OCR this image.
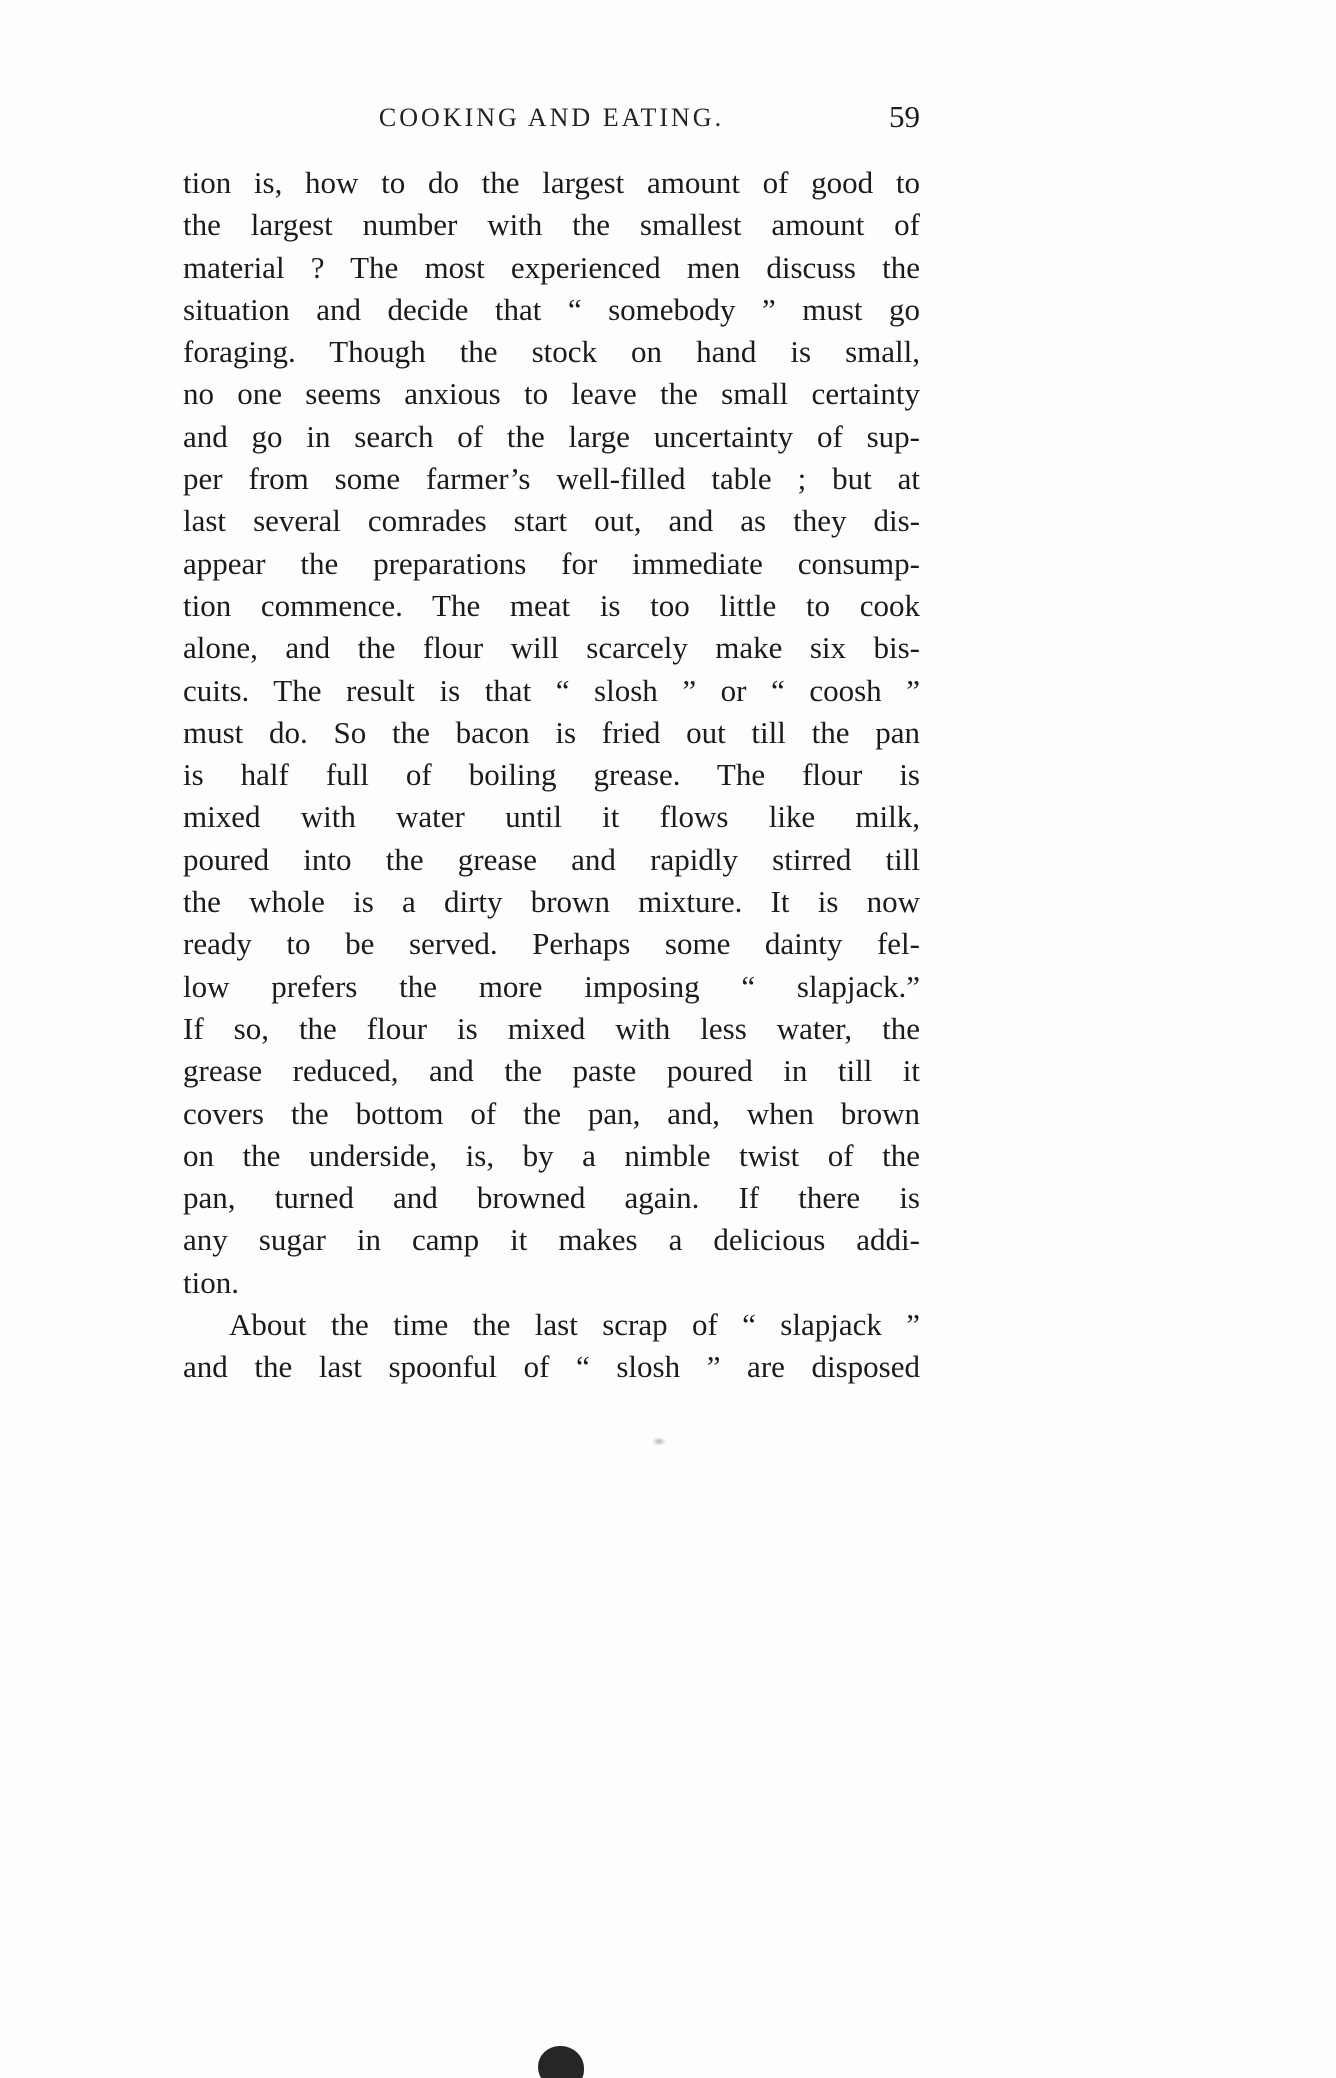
COOKING AND EATING.	59
tion is, how to do the largest amount of good to
the largest number with the smallest amount of
material ? The most experienced men discuss the
situation and decide that “ somebody ” must go
foraging. Though the stock on hand is small,
no one seems anxious to leave the small certainty
and go in search of the large uncertainty of sup-
per from some farmer’s well-filled table ; but at
last several comrades start out, and as they dis-
appear the preparations for immediate consump-
tion commence. The meat is too little to cook
alone, and the flour will scarcely make six bis-
cuits. The result is that “ slosh ” or “ coosh ”
must do. So the bacon is fried out till the pan
is half full of boiling grease. The flour is
mixed with water until it flows like milk,
poured into the grease and rapidly stirred till
the whole is a dirty brown mixture. It is now
ready to be served. Perhaps some dainty fel-
low prefers the more imposing “ slapjack.”
If so, the flour is mixed with less water, the
grease reduced, and the paste poured in till it
covers the bottom of the pan, and, when brown
on the underside, is, by a nimble twist of the
pan, turned and browned again. If there is
any sugar in camp it makes a delicious addi-
tion.
About the time the last scrap of “ slapjack ”
and the last spoonful of “ slosh ” are disposed
